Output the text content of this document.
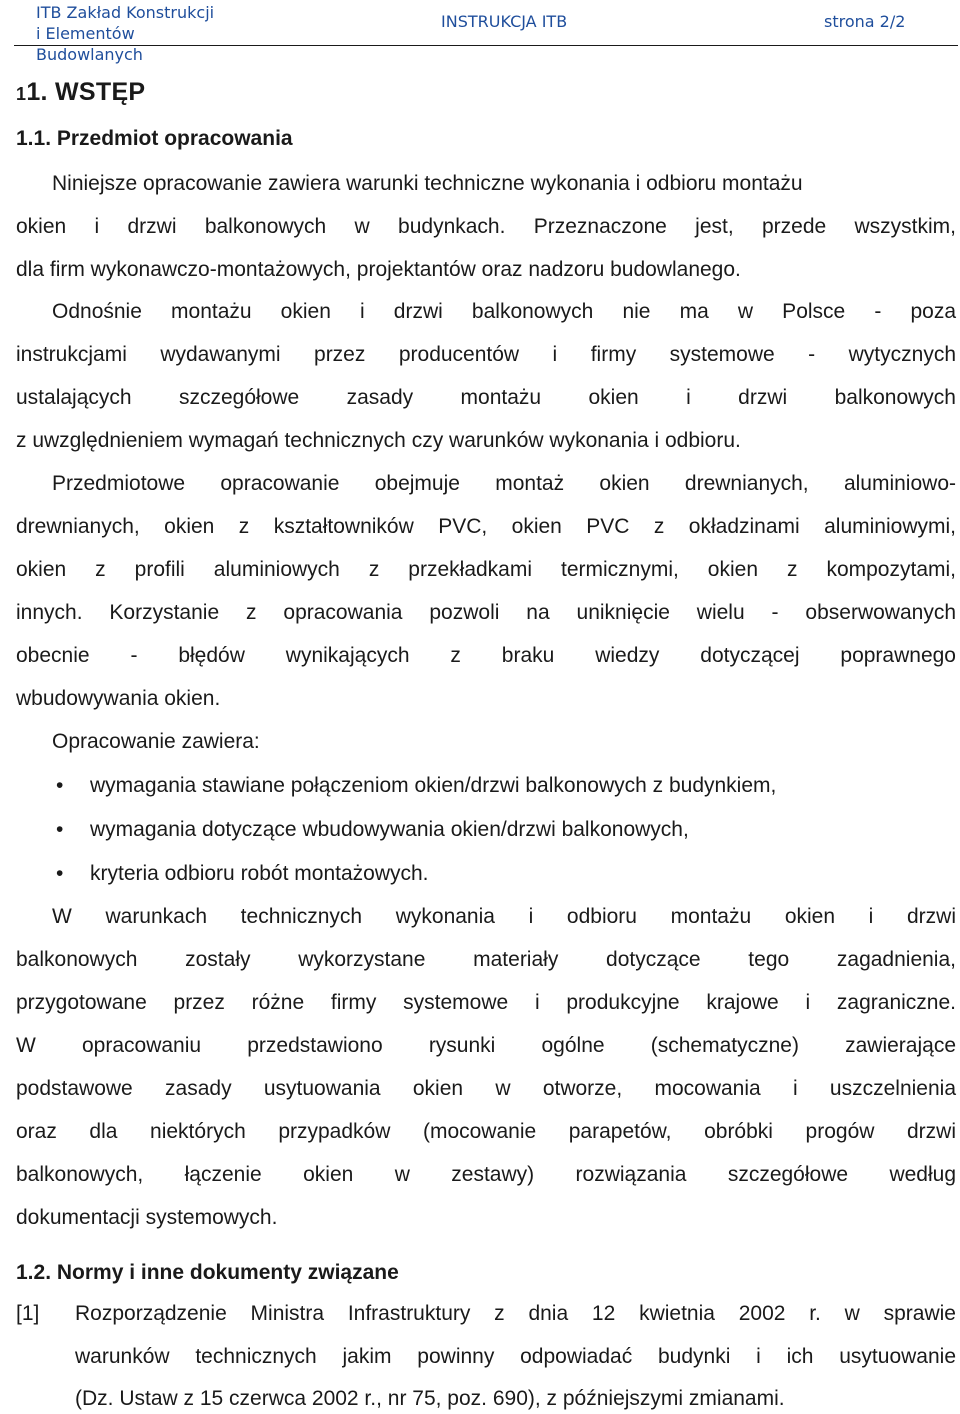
ITB Zakład Konstrukcji
i Elementów Budowlanych
INSTRUKCJA ITB	strona 2/2
11. WSTĘP
1.1. Przedmiot opracowania
Niniejsze opracowanie zawiera warunki techniczne wykonania i odbioru montażu
okien i drzwi balkonowych w budynkach. Przeznaczone jest, przede wszystkim,
dla firm wykonawczo-montażowych, projektantów oraz nadzoru budowlanego.
Odnośnie montażu okien i drzwi balkonowych nie ma w Polsce - poza
instrukcjami wydawanymi przez producentów i firmy systemowe - wytycznych
ustalających szczegółowe zasady montażu okien i drzwi balkonowych
z uwzględnieniem wymagań technicznych czy warunków wykonania i odbioru.
Przedmiotowe opracowanie obejmuje montaż okien drewnianych, aluminiowo-
drewnianych, okien z kształtowników PVC, okien PVC z okładzinami aluminiowymi,
okien z profili aluminiowych z przekładkami termicznymi, okien z kompozytami,
innych. Korzystanie z opracowania pozwoli na uniknięcie wielu - obserwowanych
obecnie - błędów wynikających z braku wiedzy dotyczącej poprawnego
wbudowywania okien.
Opracowanie zawiera:
• wymagania stawiane połączeniom okien/drzwi balkonowych z budynkiem,
• wymagania dotyczące wbudowywania okien/drzwi balkonowych,
• kryteria odbioru robót montażowych.
W warunkach technicznych wykonania i odbioru montażu okien i drzwi
balkonowych zostały wykorzystane materiały dotyczące tego zagadnienia,
przygotowane przez różne firmy systemowe i produkcyjne krajowe i zagraniczne.
W opracowaniu przedstawiono rysunki ogólne (schematyczne) zawierające
podstawowe zasady usytuowania okien w otworze, mocowania i uszczelnienia
oraz dla niektórych przypadków (mocowanie parapetów, obróbki progów drzwi
balkonowych, łączenie okien w zestawy) rozwiązania szczegółowe według
dokumentacji systemowych.
1.2. Normy i inne dokumenty związane
[1] Rozporządzenie Ministra Infrastruktury z dnia 12 kwietnia 2002 r. w sprawie
warunków technicznych jakim powinny odpowiadać budynki i ich usytuowanie
(Dz. Ustaw z 15 czerwca 2002 r., nr 75, poz. 690), z późniejszymi zmianami.
